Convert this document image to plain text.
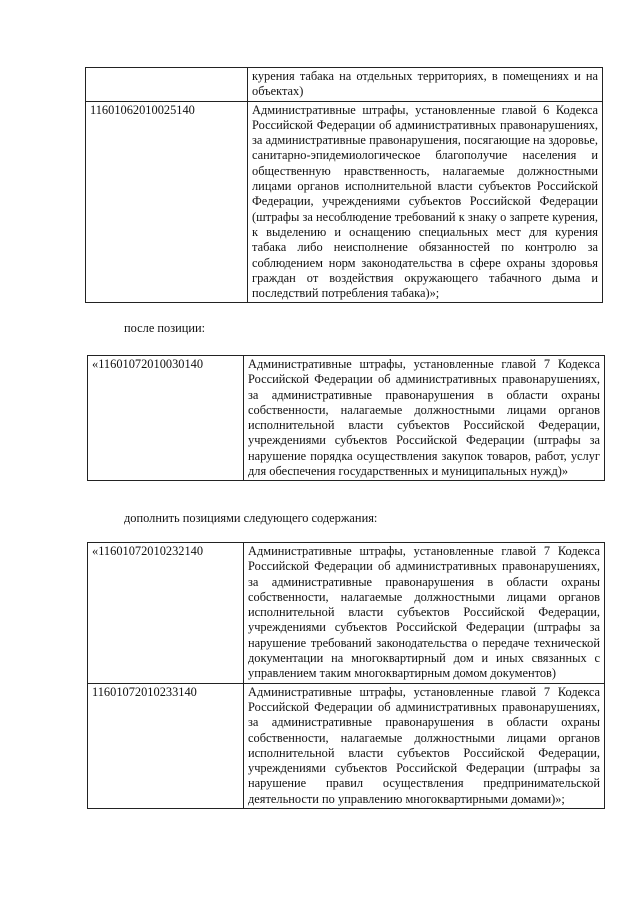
	курения табака на отдельных территориях, в помещениях и на объектах)
11601062010025140	Административные штрафы, установленные главой 6 Кодекса Российской Федерации об административных правонарушениях, за административные правонарушения, посягающие на здоровье, санитарно-эпидемиологическое благополучие населения и общественную нравственность, налагаемые должностными лицами органов исполнительной власти субъектов Российской Федерации, учреждениями субъектов Российской Федерации (штрафы за несоблюдение требований к знаку о запрете курения, к выделению и оснащению специальных мест для курения табака либо неисполнение обязанностей по контролю за соблюдением норм законодательства в сфере охраны здоровья граждан от воздействия окружающего табачного дыма и последствий потребления табака)»;

после позиции:

«11601072010030140	Административные штрафы, установленные главой 7 Кодекса Российской Федерации об административных правонарушениях, за административные правонарушения в области охраны собственности, налагаемые должностными лицами органов исполнительной власти субъектов Российской Федерации, учреждениями субъектов Российской Федерации (штрафы за нарушение порядка осуществления закупок товаров, работ, услуг для обеспечения государственных и муниципальных нужд)»

дополнить позициями следующего содержания:

«11601072010232140	Административные штрафы, установленные главой 7 Кодекса Российской Федерации об административных правонарушениях, за административные правонарушения в области охраны собственности, налагаемые должностными лицами органов исполнительной власти субъектов Российской Федерации, учреждениями субъектов Российской Федерации (штрафы за нарушение требований законодательства о передаче технической документации на многоквартирный дом и иных связанных с управлением таким многоквартирным домом документов)
11601072010233140	Административные штрафы, установленные главой 7 Кодекса Российской Федерации об административных правонарушениях, за административные правонарушения в области охраны собственности, налагаемые должностными лицами органов исполнительной власти субъектов Российской Федерации, учреждениями субъектов Российской Федерации (штрафы за нарушение правил осуществления предпринимательской деятельности по управлению многоквартирными домами)»;
